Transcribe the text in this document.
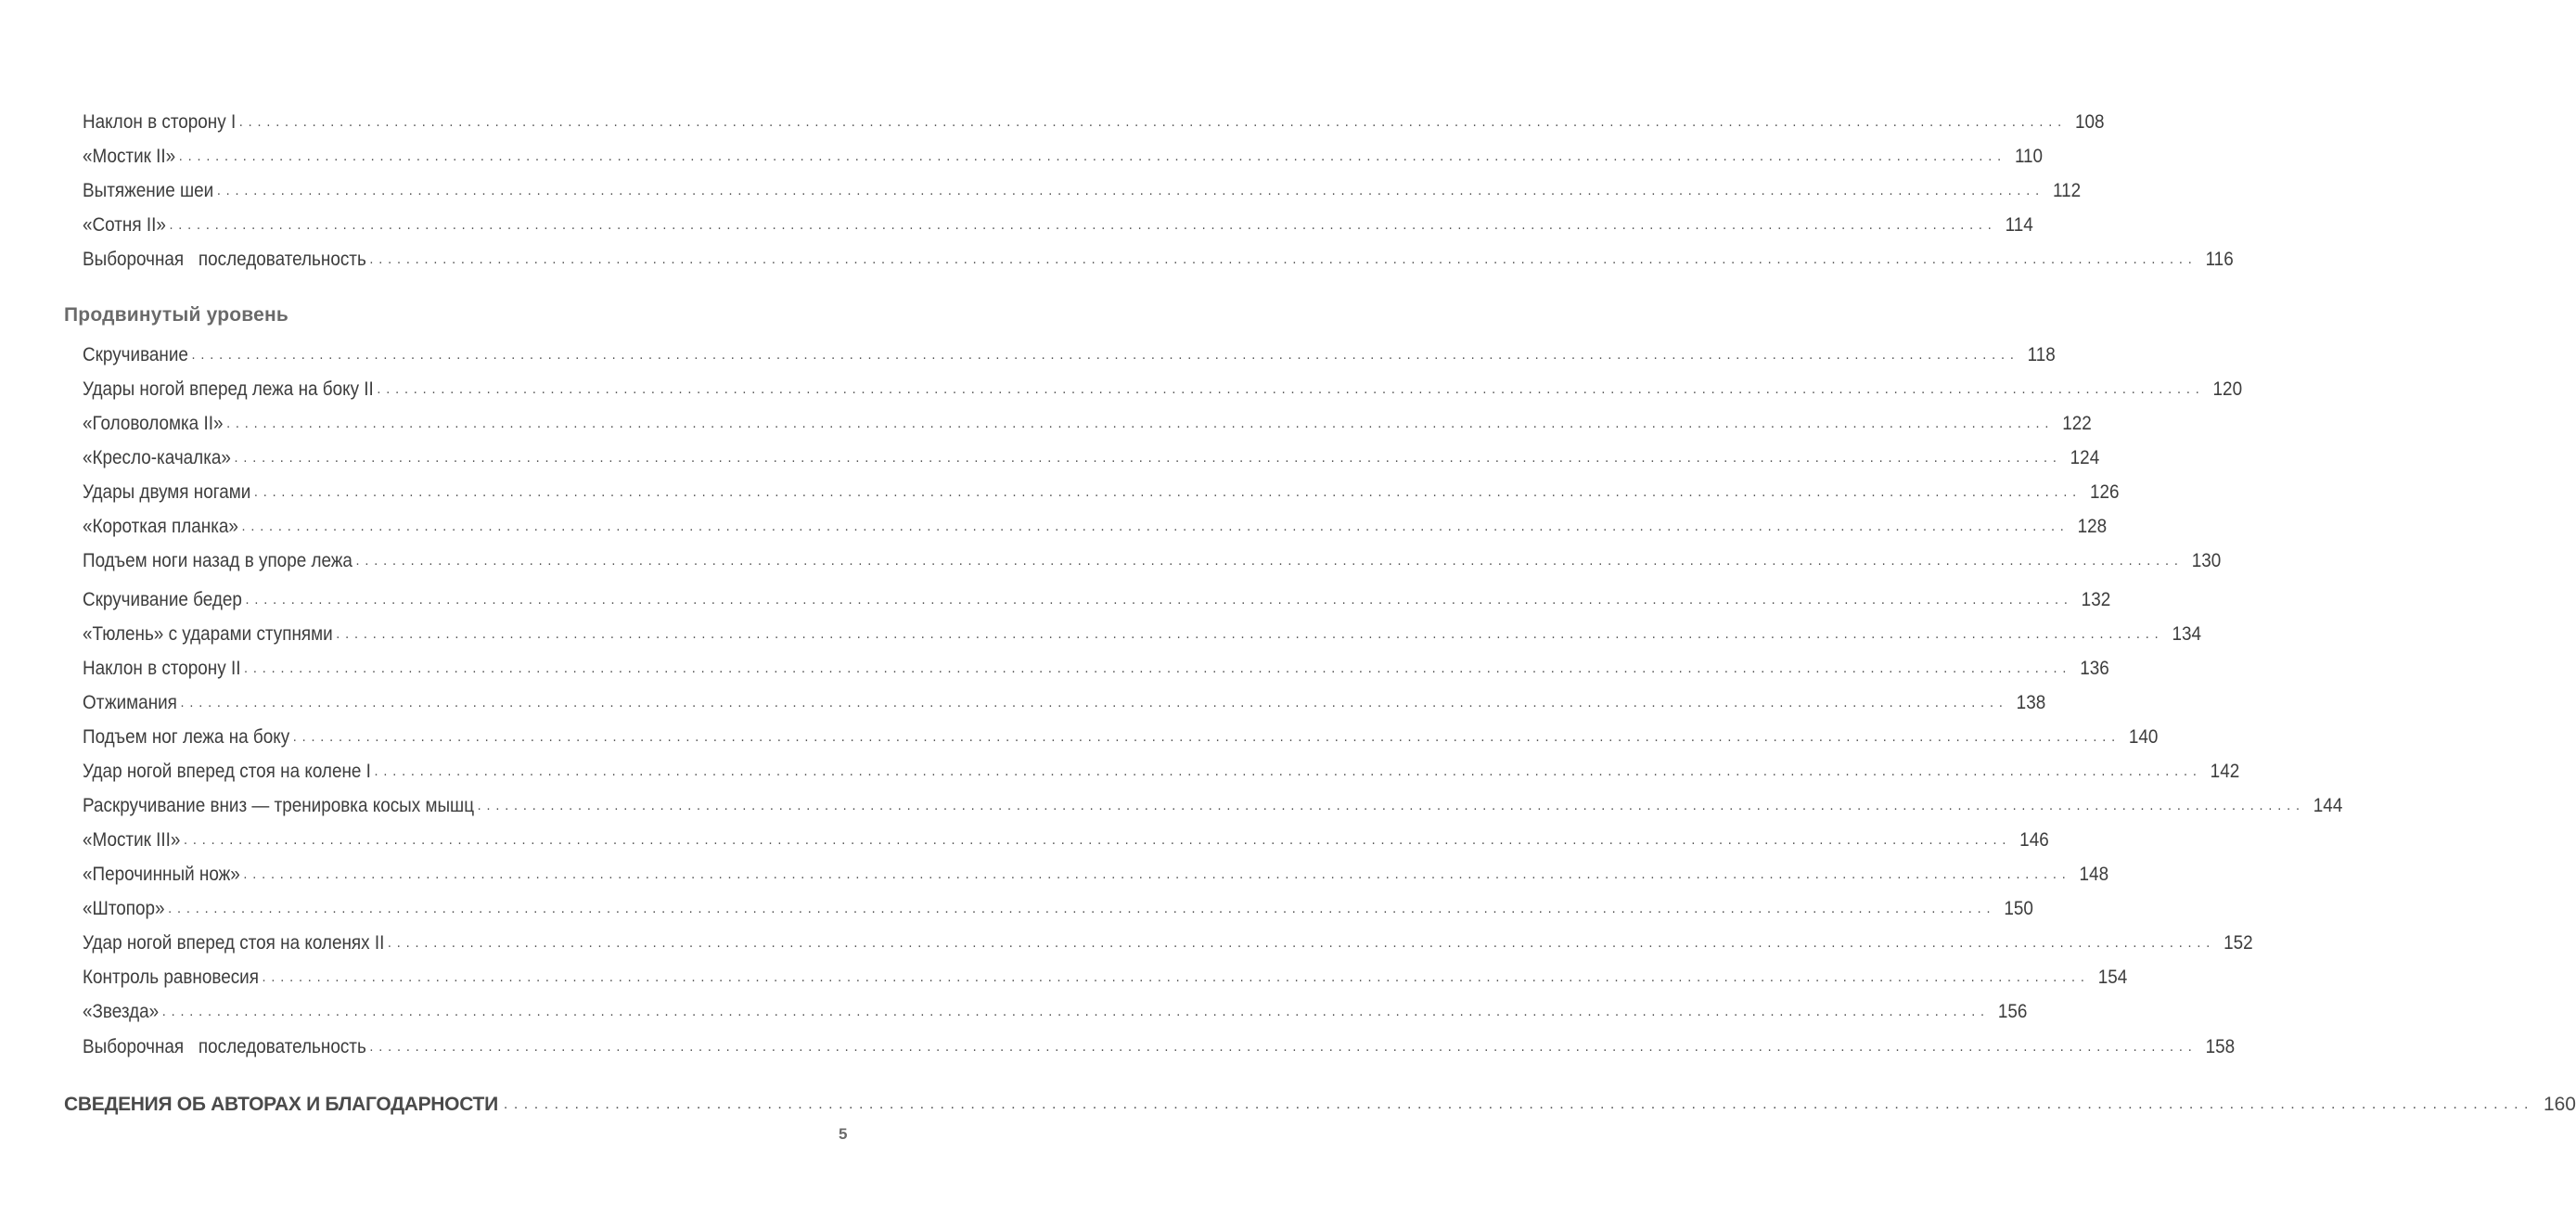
Наклон в сторону I ........................................................................................................................................................................................................ 108
«Мостик II» ........................................................................................................................................................................................................ 110
Вытяжение шеи ........................................................................................................................................................................................................ 112
«Сотня II» ........................................................................................................................................................................................................ 114
Выборочная   последовательность ........................................................................................................................................................................................................ 116
Продвинутый уровень
Скручивание ........................................................................................................................................................................................................ 118
Удары ногой вперед лежа на боку II ........................................................................................................................................................................................................ 120
«Головоломка II» ........................................................................................................................................................................................................ 122
«Кресло-качалка» ........................................................................................................................................................................................................ 124
Удары двумя ногами ........................................................................................................................................................................................................ 126
«Короткая планка» ........................................................................................................................................................................................................ 128
Подъем ноги назад в упоре лежа ........................................................................................................................................................................................................ 130
Скручивание бедер ........................................................................................................................................................................................................ 132
«Тюлень» с ударами ступнями ........................................................................................................................................................................................................ 134
Наклон в сторону II ........................................................................................................................................................................................................ 136
Отжимания ........................................................................................................................................................................................................ 138
Подъем ног лежа на боку ........................................................................................................................................................................................................ 140
Удар ногой вперед стоя на колене I ........................................................................................................................................................................................................ 142
Раскручивание вниз — тренировка косых мышц ........................................................................................................................................................................................................ 144
«Мостик III» ........................................................................................................................................................................................................ 146
«Перочинный нож» ........................................................................................................................................................................................................ 148
«Штопор» ........................................................................................................................................................................................................ 150
Удар ногой вперед стоя на коленях II ........................................................................................................................................................................................................ 152
Контроль равновесия ........................................................................................................................................................................................................ 154
«Звезда» ........................................................................................................................................................................................................ 156
Выборочная   последовательность ........................................................................................................................................................................................................ 158
СВЕДЕНИЯ ОБ АВТОРАХ И БЛАГОДАРНОСТИ ........................................................................................................................................................................................................ 160
5
